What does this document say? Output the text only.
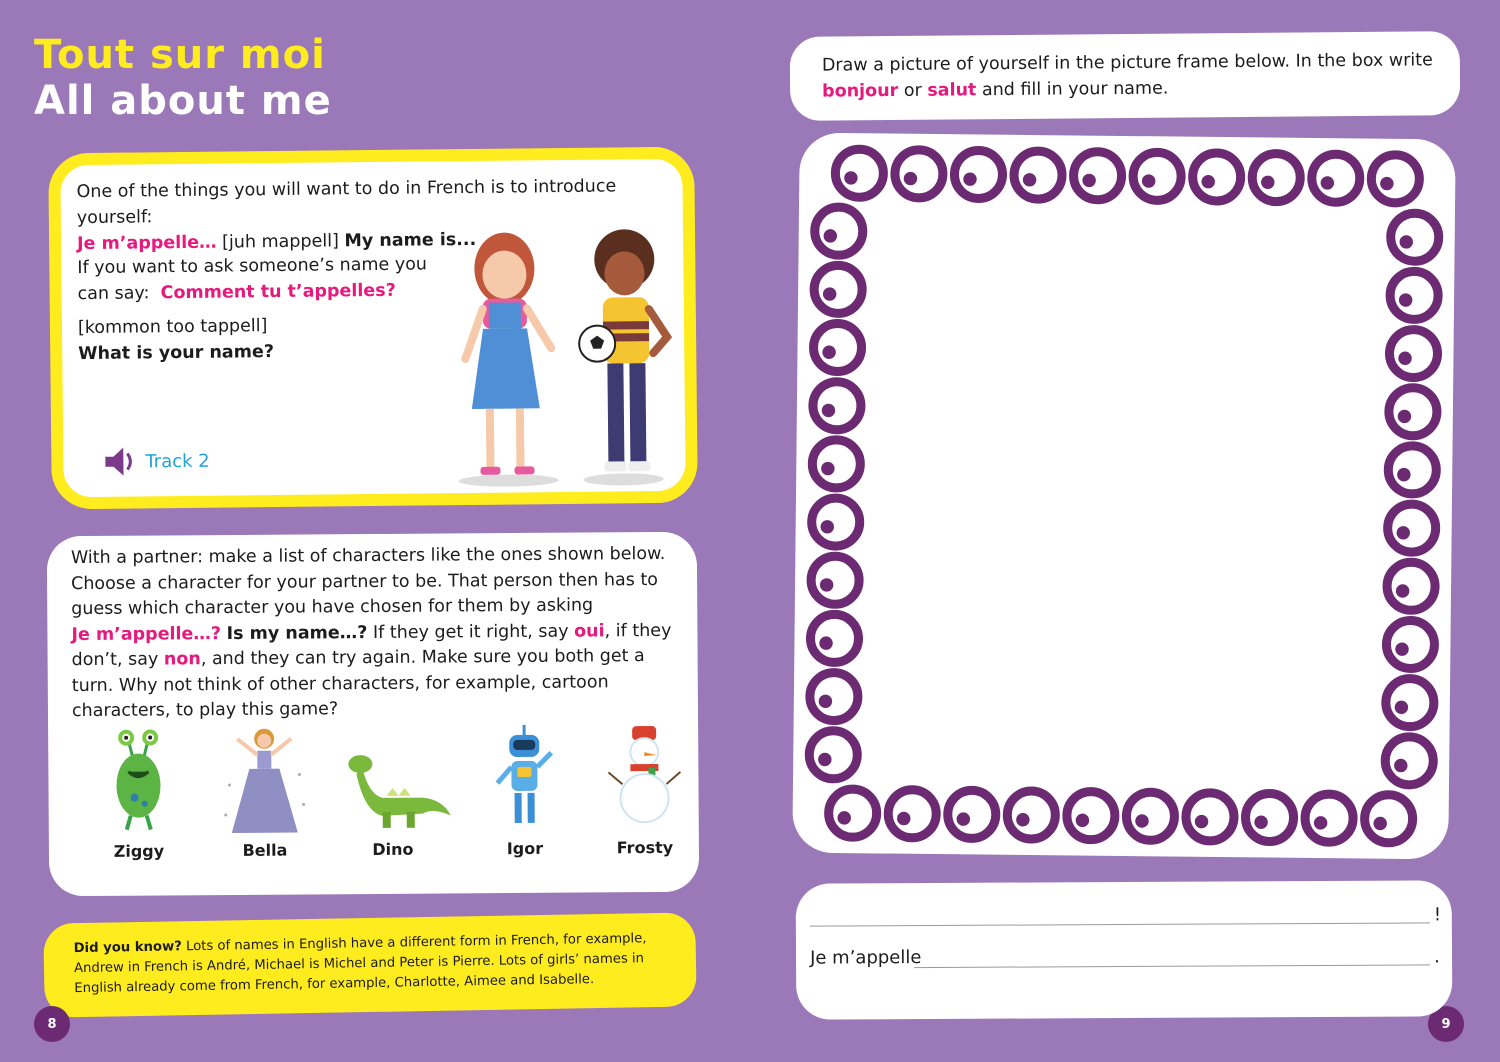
Tout sur moi
All about me
One of the things you will want to do in French is to introduce yourself:
Je m’appelle… [juh mappell] My name is...
If you want to ask someone’s name you can say: Comment tu t’appelles?
[kommon too tappell]
What is your name?
Track 2
With a partner: make a list of characters like the ones shown below. Choose a character for your partner to be. That person then has to guess which character you have chosen for them by asking
Je m’appelle…? Is my name…? If they get it right, say oui, if they don’t, say non, and they can try again. Make sure you both get a turn. Why not think of other characters, for example, cartoon characters, to play this game?
Ziggy	Bella	Dino	Igor	Frosty
Did you know? Lots of names in English have a different form in French, for example, Andrew in French is André, Michael is Michel and Peter is Pierre. Lots of girls’ names in English already come from French, for example, Charlotte, Aimee and Isabelle.
8	9
Draw a picture of yourself in the picture frame below. In the box write bonjour or salut and fill in your name.
!
Je m’appelle	.
